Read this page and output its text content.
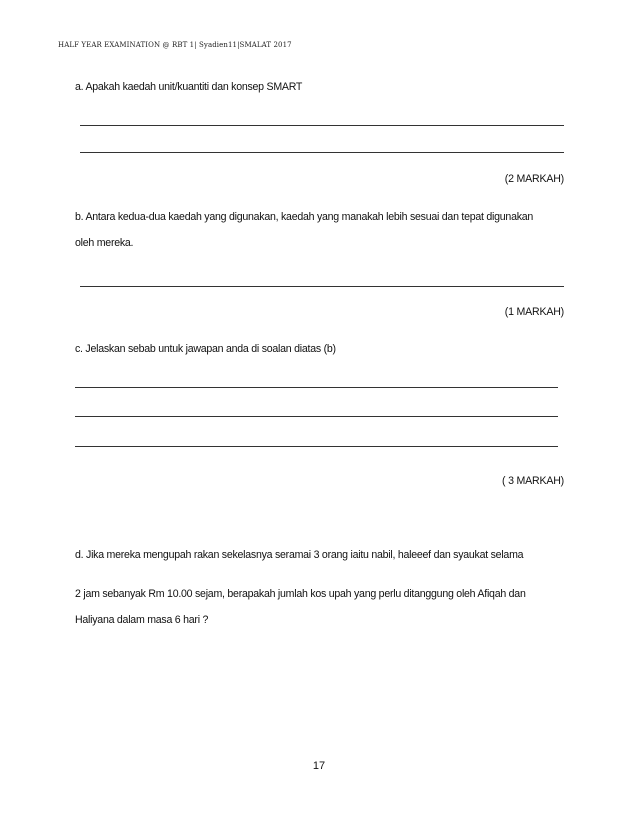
HALF YEAR EXAMINATION @ RBT 1| Syadien11|SMALAT 2017
a. Apakah kaedah unit/kuantiti dan konsep SMART
(2 MARKAH)
b. Antara kedua-dua kaedah yang digunakan, kaedah yang manakah lebih sesuai dan tepat digunakan
oleh mereka.
(1 MARKAH)
c. Jelaskan sebab untuk jawapan anda di soalan diatas (b)
( 3 MARKAH)
d. Jika mereka mengupah rakan sekelasnya seramai 3 orang iaitu nabil, haleeef dan syaukat selama
2 jam sebanyak Rm 10.00 sejam, berapakah jumlah kos upah yang perlu ditanggung oleh Afiqah dan
Haliyana dalam masa 6 hari ?
17
